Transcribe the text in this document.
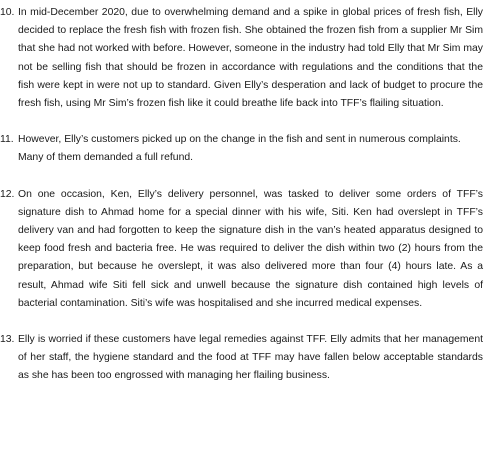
10. In mid-December 2020, due to overwhelming demand and a spike in global prices of fresh fish, Elly decided to replace the fresh fish with frozen fish. She obtained the frozen fish from a supplier Mr Sim that she had not worked with before. However, someone in the industry had told Elly that Mr Sim may not be selling fish that should be frozen in accordance with regulations and the conditions that the fish were kept in were not up to standard. Given Elly’s desperation and lack of budget to procure the fresh fish, using Mr Sim’s frozen fish like it could breathe life back into TFF’s flailing situation.
11. However, Elly’s customers picked up on the change in the fish and sent in numerous complaints. Many of them demanded a full refund.
12. On one occasion, Ken, Elly’s delivery personnel, was tasked to deliver some orders of TFF’s signature dish to Ahmad home for a special dinner with his wife, Siti. Ken had overslept in TFF’s delivery van and had forgotten to keep the signature dish in the van’s heated apparatus designed to keep food fresh and bacteria free. He was required to deliver the dish within two (2) hours from the preparation, but because he overslept, it was also delivered more than four (4) hours late. As a result, Ahmad wife Siti fell sick and unwell because the signature dish contained high levels of bacterial contamination. Siti’s wife was hospitalised and she incurred medical expenses.
13. Elly is worried if these customers have legal remedies against TFF. Elly admits that her management of her staff, the hygiene standard and the food at TFF may have fallen below acceptable standards as she has been too engrossed with managing her flailing business.
